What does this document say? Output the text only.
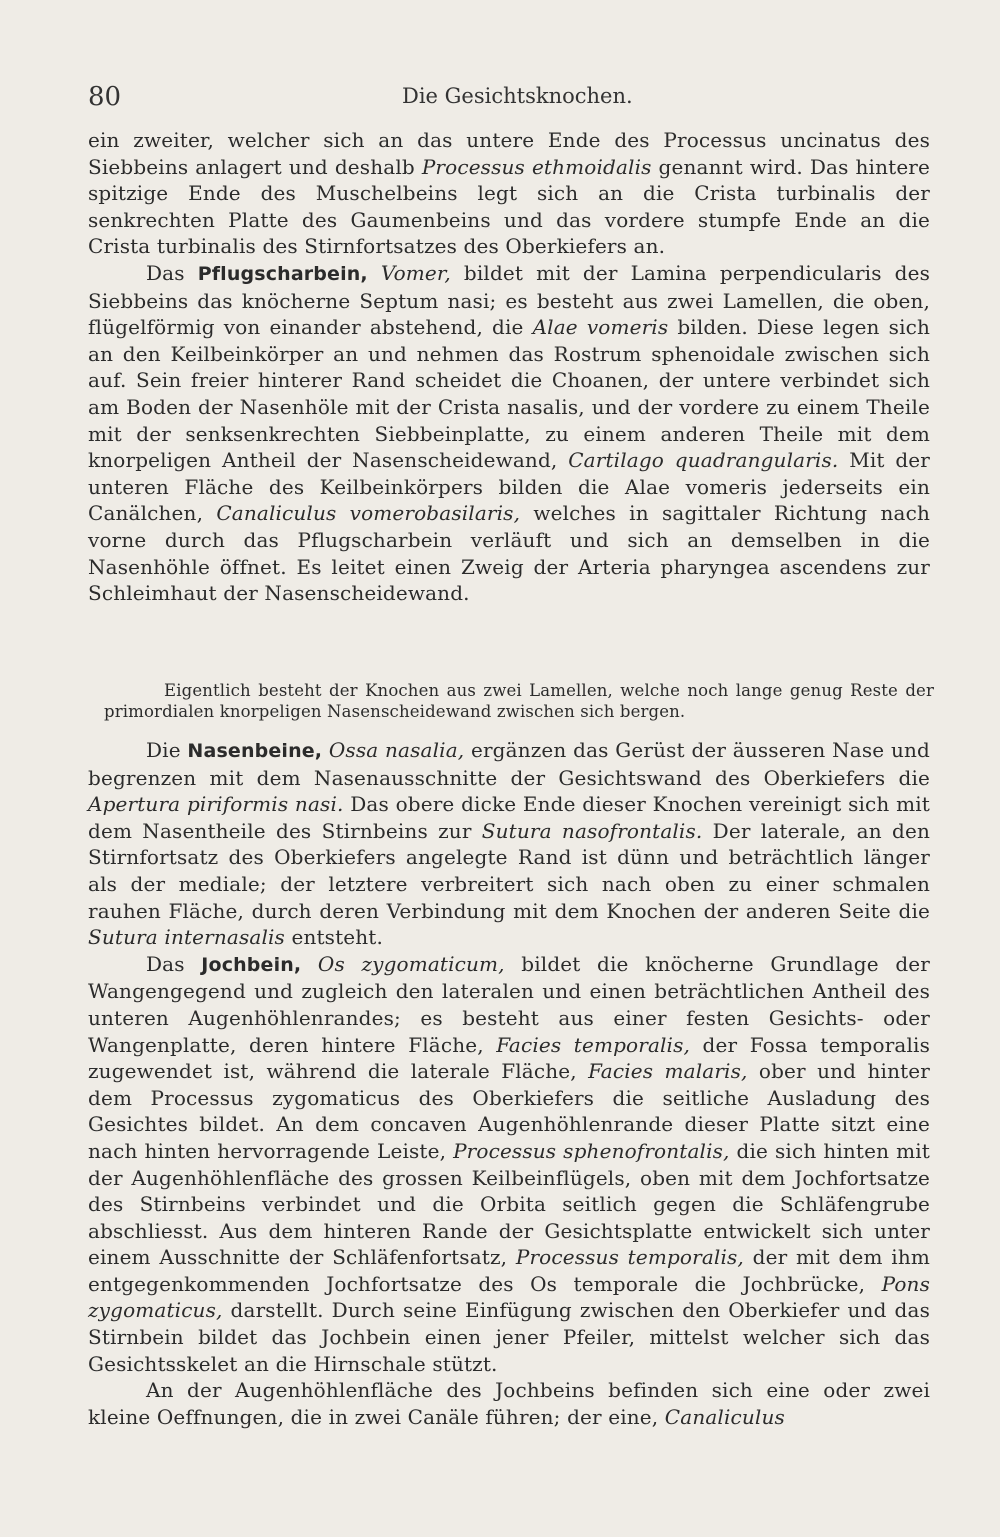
80	Die Gesichtsknochen.

ein zweiter, welcher sich an das untere Ende des Processus uncinatus des Siebbeins anlagert und deshalb Processus ethmoidalis genannt wird. Das hintere spitzige Ende des Muschelbeins legt sich an die Crista turbinalis der senkrechten Platte des Gaumenbeins und das vordere stumpfe Ende an die Crista turbinalis des Stirnfortsatzes des Oberkiefers an.

Das Pflugscharbein, Vomer, bildet mit der Lamina perpendicularis des Siebbeins das knöcherne Septum nasi; es besteht aus zwei Lamellen, die oben, flügelförmig von einander abstehend, die Alae vomeris bilden. Diese legen sich an den Keilbeinkörper an und nehmen das Rostrum sphenoidale zwischen sich auf. Sein freier hinterer Rand scheidet die Choanen, der untere verbindet sich am Boden der Nasenhöle mit der Crista nasalis, und der vordere zu einem Theile mit der senksenkrechten Siebbeinplatte, zu einem anderen Theile mit dem knorpeligen Antheil der Nasenscheidewand, Cartilago quadrangularis. Mit der unteren Fläche des Keilbeinkörpers bilden die Alae vomeris jederseits ein Canälchen, Canaliculus vomerobasilaris, welches in sagittaler Richtung nach vorne durch das Pflugscharbein verläuft und sich an demselben in die Nasenhöhle öffnet. Es leitet einen Zweig der Arteria pharyngea ascendens zur Schleimhaut der Nasenscheidewand.

Eigentlich besteht der Knochen aus zwei Lamellen, welche noch lange genug Reste der primordialen knorpeligen Nasenscheidewand zwischen sich bergen.

Die Nasenbeine, Ossa nasalia, ergänzen das Gerüst der äusseren Nase und begrenzen mit dem Nasenausschnitte der Gesichtswand des Oberkiefers die Apertura piriformis nasi. Das obere dicke Ende dieser Knochen vereinigt sich mit dem Nasentheile des Stirnbeins zur Sutura nasofrontalis. Der laterale, an den Stirnfortsatz des Oberkiefers angelegte Rand ist dünn und beträchtlich länger als der mediale; der letztere verbreitert sich nach oben zu einer schmalen rauhen Fläche, durch deren Verbindung mit dem Knochen der anderen Seite die Sutura internasalis entsteht.

Das Jochbein, Os zygomaticum, bildet die knöcherne Grundlage der Wangengegend und zugleich den lateralen und einen beträchtlichen Antheil des unteren Augenhöhlenrandes; es besteht aus einer festen Gesichts- oder Wangenplatte, deren hintere Fläche, Facies temporalis, der Fossa temporalis zugewendet ist, während die laterale Fläche, Facies malaris, ober und hinter dem Processus zygomaticus des Oberkiefers die seitliche Ausladung des Gesichtes bildet. An dem concaven Augenhöhlenrande dieser Platte sitzt eine nach hinten hervorragende Leiste, Processus sphenofrontalis, die sich hinten mit der Augenhöhlenfläche des grossen Keilbeinflügels, oben mit dem Jochfortsatze des Stirnbeins verbindet und die Orbita seitlich gegen die Schläfengrube abschliesst. Aus dem hinteren Rande der Gesichtsplatte entwickelt sich unter einem Ausschnitte der Schläfenfortsatz, Processus temporalis, der mit dem ihm entgegenkommenden Jochfortsatze des Os temporale die Jochbrücke, Pons zygomaticus, darstellt. Durch seine Einfügung zwischen den Oberkiefer und das Stirnbein bildet das Jochbein einen jener Pfeiler, mittelst welcher sich das Gesichtsskelet an die Hirnschale stützt.

An der Augenhöhlenfläche des Jochbeins befinden sich eine oder zwei kleine Oeffnungen, die in zwei Canäle führen; der eine, Canaliculus
